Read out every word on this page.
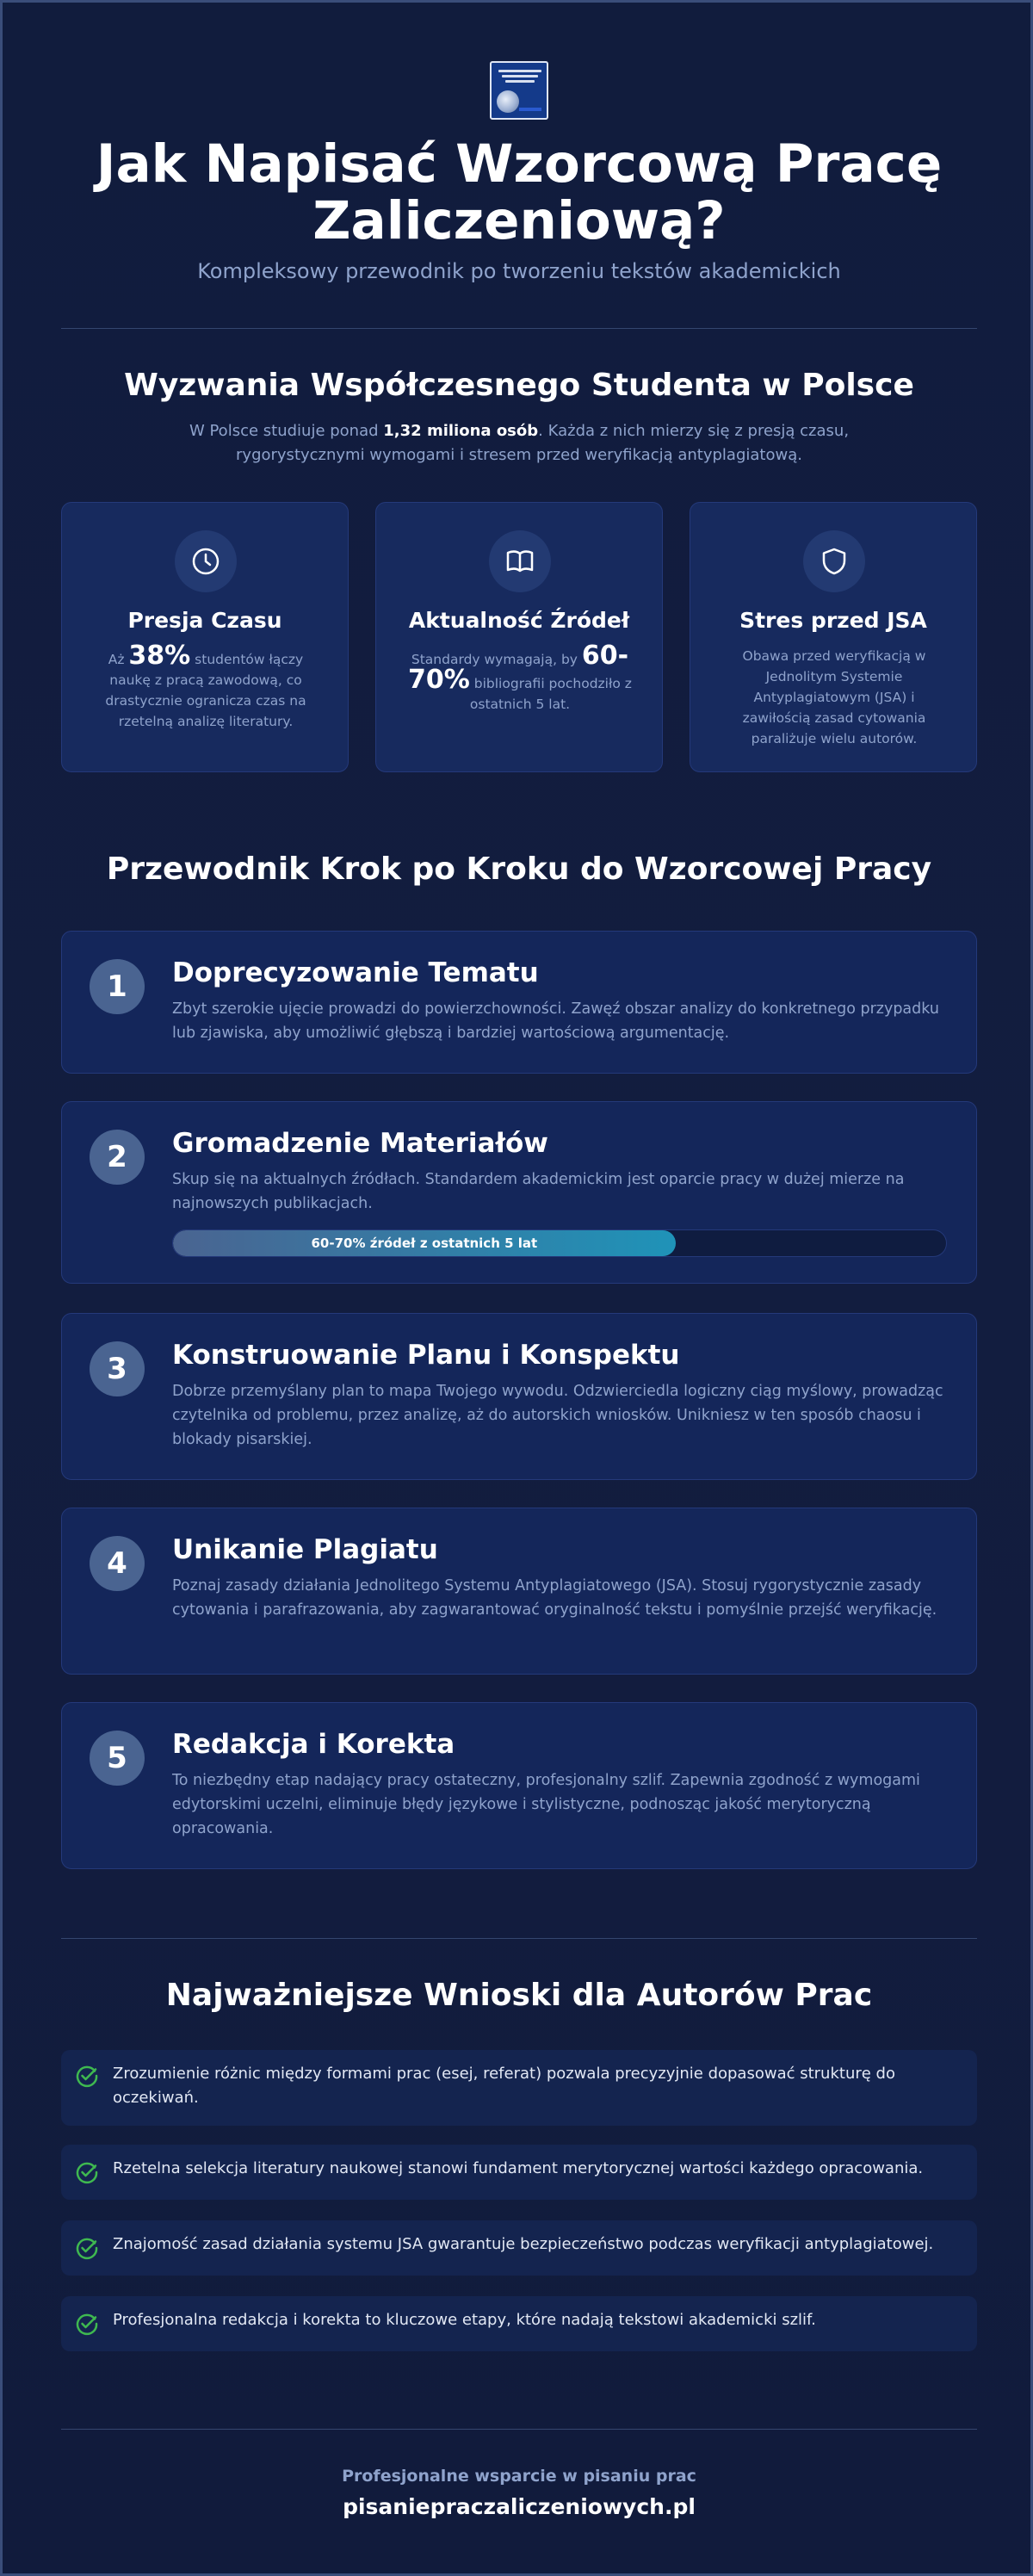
Jak Napisać Wzorcową Pracę Zaliczeniową?
Kompleksowy przewodnik po tworzeniu tekstów akademickich
Wyzwania Współczesnego Studenta w Polsce

W Polsce studiuje ponad 1,32 miliona osób. Każda z nich mierzy się z presją czasu, rygorystycznymi wymogami i stresem przed weryfikacją antyplagiatową.

Presja Czasu
Aż 38% studentów łączy naukę z pracą zawodową, co drastycznie ogranicza czas na rzetelną analizę literatury.
Aktualność Źródeł
Standardy wymagają, by 60-70% bibliografii pochodziło z ostatnich 5 lat.
Stres przed JSA
Obawa przed weryfikacją w Jednolitym Systemie Antyplagiatowym (JSA) i zawiłością zasad cytowania paraliżuje wielu autorów.
Przewodnik Krok po Kroku do Wzorcowej Pracy
1	Doprecyzowanie Tematu
Zbyt szerokie ujęcie prowadzi do powierzchowności. Zawęź obszar analizy do konkretnego przypadku lub zjawiska, aby umożliwić głębszą i bardziej wartościową argumentację.
2	Gromadzenie Materiałów
Skup się na aktualnych źródłach. Standardem akademickim jest oparcie pracy w dużej mierze na najnowszych publikacjach.
60-70% źródeł z ostatnich 5 lat
3	Konstruowanie Planu i Konspektu
Dobrze przemyślany plan to mapa Twojego wywodu. Odzwierciedla logiczny ciąg myślowy, prowadząc czytelnika od problemu, przez analizę, aż do autorskich wniosków. Unikniesz w ten sposób chaosu i blokady pisarskiej.
4	Unikanie Plagiatu
Poznaj zasady działania Jednolitego Systemu Antyplagiatowego (JSA). Stosuj rygorystycznie zasady cytowania i parafrazowania, aby zagwarantować oryginalność tekstu i pomyślnie przejść weryfikację.
5	Redakcja i Korekta
To niezbędny etap nadający pracy ostateczny, profesjonalny szlif. Zapewnia zgodność z wymogami edytorskimi uczelni, eliminuje błędy językowe i stylistyczne, podnosząc jakość merytoryczną opracowania.
Najważniejsze Wnioski dla Autorów Prac
Zrozumienie różnic między formami prac (esej, referat) pozwala precyzyjnie dopasować strukturę do oczekiwań.
Rzetelna selekcja literatury naukowej stanowi fundament merytorycznej wartości każdego opracowania.
Znajomość zasad działania systemu JSA gwarantuje bezpieczeństwo podczas weryfikacji antyplagiatowej.
Profesjonalna redakcja i korekta to kluczowe etapy, które nadają tekstowi akademicki szlif.
Profesjonalne wsparcie w pisaniu prac
pisaniepraczaliczeniowych.pl
